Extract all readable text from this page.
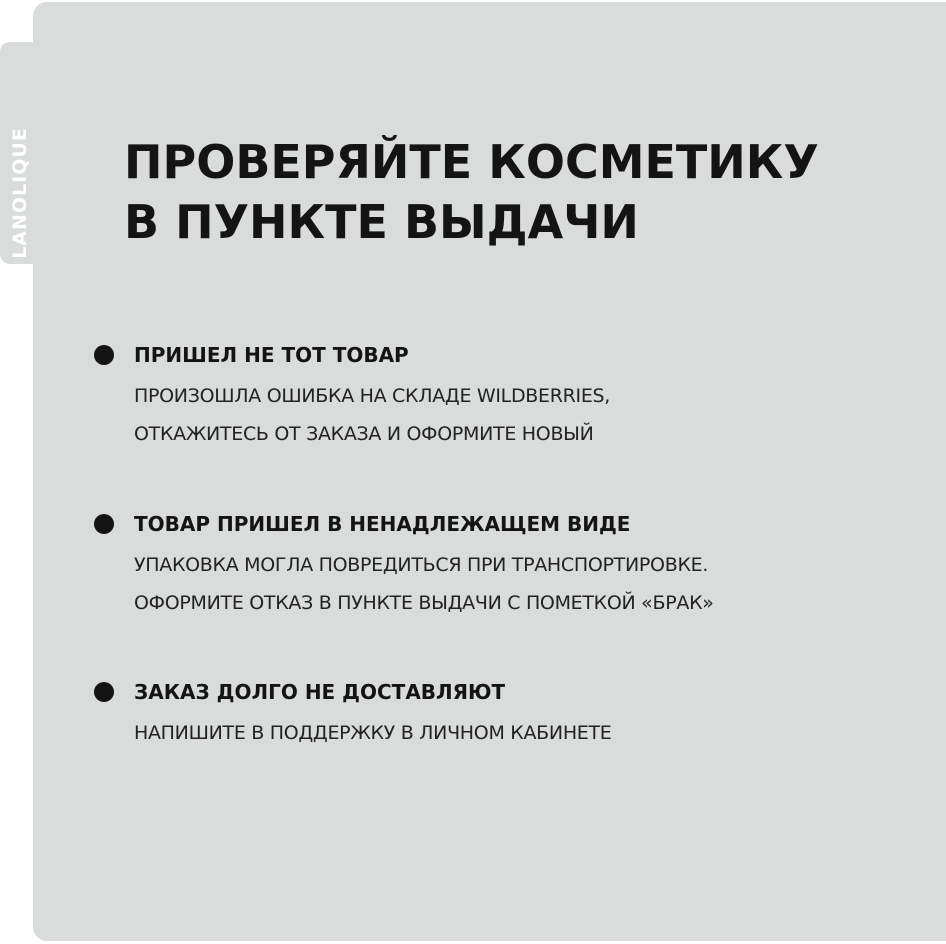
LANOLIQUE ПРОВЕРЯЙТЕ КОСМЕТИКУ
В ПУНКТЕ ВЫДАЧИ
ПРИШЕЛ НЕ ТОТ ТОВАР
ПРОИЗОШЛА ОШИБКА НА СКЛАДЕ WILDBERRIES,
ОТКАЖИТЕСЬ ОТ ЗАКАЗА И ОФОРМИТЕ НОВЫЙ
ТОВАР ПРИШЕЛ В НЕНАДЛЕЖАЩЕМ ВИДЕ
УПАКОВКА МОГЛА ПОВРЕДИТЬСЯ ПРИ ТРАНСПОРТИРОВКЕ.
ОФОРМИТЕ ОТКАЗ В ПУНКТЕ ВЫДАЧИ С ПОМЕТКОЙ «БРАК»
ЗАКАЗ ДОЛГО НЕ ДОСТАВЛЯЮТ
НАПИШИТЕ В ПОДДЕРЖКУ В ЛИЧНОМ КАБИНЕТЕ
